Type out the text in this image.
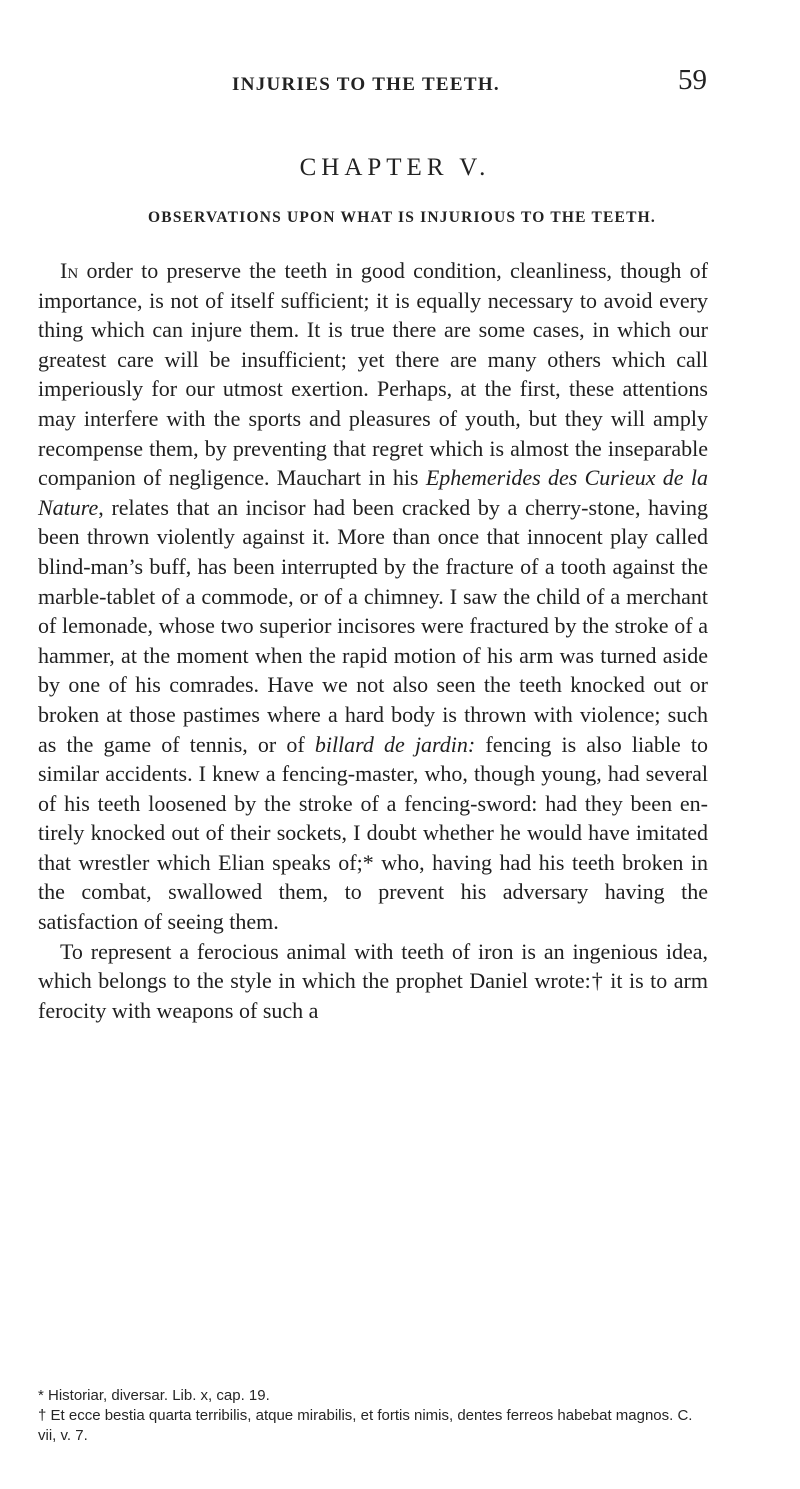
INJURIES TO THE TEETH.	59
CHAPTER V.
OBSERVATIONS UPON WHAT IS INJURIOUS TO THE TEETH.

In order to preserve the teeth in good condition, cleanliness, though of importance, is not of itself sufficient; it is equally necessary to avoid every thing which can injure them. It is true there are some cases, in which our greatest care will be insufficient; yet there are many others which call imperiously for our utmost exertion. Perhaps, at the first, these attentions may interfere with the sports and pleasures of youth, but they will amply recompense them, by preventing that regret which is almost the inseparable companion of negligence. Mauchart in his Ephemerides des Curieux de la Nature, relates that an incisor had been cracked by a cherry-stone, having been thrown violently against it. More than once that innocent play called blind-man’s buff, has been interrupted by the fracture of a tooth against the marble-tablet of a commode, or of a chimney. I saw the child of a merchant of lemonade, whose two superior incisores were fractured by the stroke of a hammer, at the moment when the rapid motion of his arm was turned aside by one of his comrades. Have we not also seen the teeth knocked out or broken at those pastimes where a hard body is thrown with violence; such as the game of tennis, or of billard de jardin: fencing is also liable to similar accidents. I knew a fencing-master, who, though young, had several of his teeth loosened by the stroke of a fencing-sword: had they been entirely knocked out of their sockets, I doubt whether he would have imitated that wrestler which Elian speaks of;* who, having had his teeth broken in the combat, swallowed them, to prevent his adversary having the satisfaction of seeing them.

To represent a ferocious animal with teeth of iron is an ingenious idea, which belongs to the style in which the prophet Daniel wrote:† it is to arm ferocity with weapons of such a

* Historiar, diversar. Lib. x, cap. 19.

† Et ecce bestia quarta terribilis, atque mirabilis, et fortis nimis, dentes ferreos habebat magnos. C. vii, v. 7.
